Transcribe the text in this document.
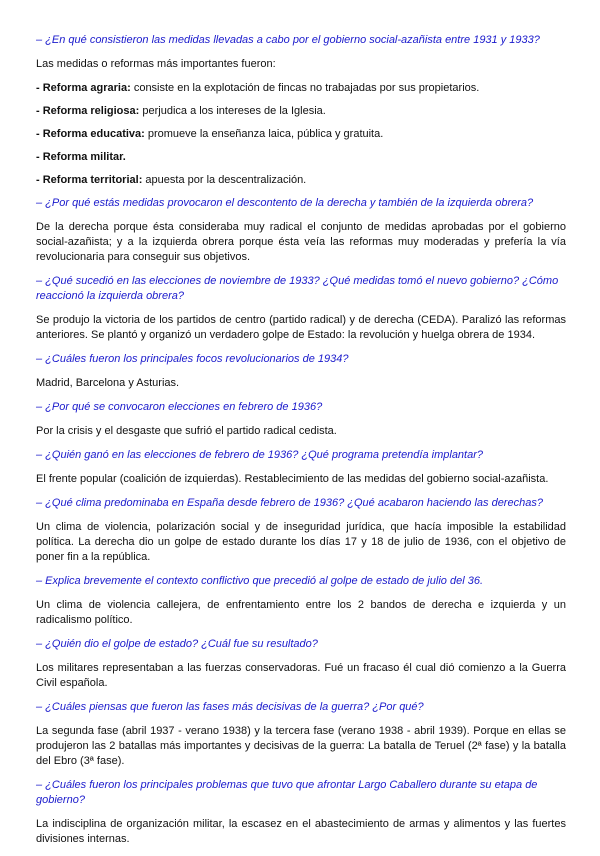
– ¿En qué consistieron las medidas llevadas a cabo por el gobierno social-azañista entre 1931 y 1933?

Las medidas o reformas más importantes fueron:

- Reforma agraria: consiste en la explotación de fincas no trabajadas por sus propietarios.

- Reforma religiosa: perjudica a los intereses de la Iglesia.

- Reforma educativa: promueve la enseñanza laica, pública y gratuita.

- Reforma militar.

- Reforma territorial: apuesta por la descentralización.

– ¿Por qué estás medidas provocaron el descontento de la derecha y también de la izquierda obrera?

De la derecha porque ésta consideraba muy radical el conjunto de medidas aprobadas por el gobierno social-azañista; y a la izquierda obrera porque ésta veía las reformas muy moderadas y prefería la vía revolucionaria para conseguir sus objetivos.

– ¿Qué sucedió en las elecciones de noviembre de 1933? ¿Qué medidas tomó el nuevo gobierno? ¿Cómo reaccionó la izquierda obrera?

Se produjo la victoria de los partidos de centro (partido radical) y de derecha (CEDA). Paralizó las reformas anteriores. Se plantó y organizó un verdadero golpe de Estado: la revolución y huelga obrera de 1934.

– ¿Cuáles fueron los principales focos revolucionarios de 1934?

Madrid, Barcelona y Asturias.

– ¿Por qué se convocaron elecciones en febrero de 1936?

Por la crisis y el desgaste que sufrió el partido radical cedista.

– ¿Quién ganó en las elecciones de febrero de 1936? ¿Qué programa pretendía implantar?

El frente popular (coalición de izquierdas). Restablecimiento de las medidas del gobierno social-azañista.

– ¿Qué clima predominaba en España desde febrero de 1936? ¿Qué acabaron haciendo las derechas?

Un clima de violencia, polarización social y de inseguridad jurídica, que hacía imposible la estabilidad política. La derecha dio un golpe de estado durante los días 17 y 18 de julio de 1936, con el objetivo de poner fin a la república.

– Explica brevemente el contexto conflictivo que precedió al golpe de estado de julio del 36.

Un clima de violencia callejera, de enfrentamiento entre los 2 bandos de derecha e izquierda y un radicalismo político.

– ¿Quién dio el golpe de estado? ¿Cuál fue su resultado?

Los militares representaban a las fuerzas conservadoras. Fué un fracaso él cual dió comienzo a la Guerra Civil española.

– ¿Cuáles piensas que fueron las fases más decisivas de la guerra? ¿Por qué?

La segunda fase (abril 1937 - verano 1938) y la tercera fase (verano 1938 - abril 1939). Porque en ellas se produjeron las 2 batallas más importantes y decisivas de la guerra: La batalla de Teruel (2ª fase) y la batalla del Ebro (3ª fase).

– ¿Cuáles fueron los principales problemas que tuvo que afrontar Largo Caballero durante su etapa de gobierno?

La indisciplina de organización militar, la escasez en el abastecimiento de armas y alimentos y las fuertes divisiones internas.
